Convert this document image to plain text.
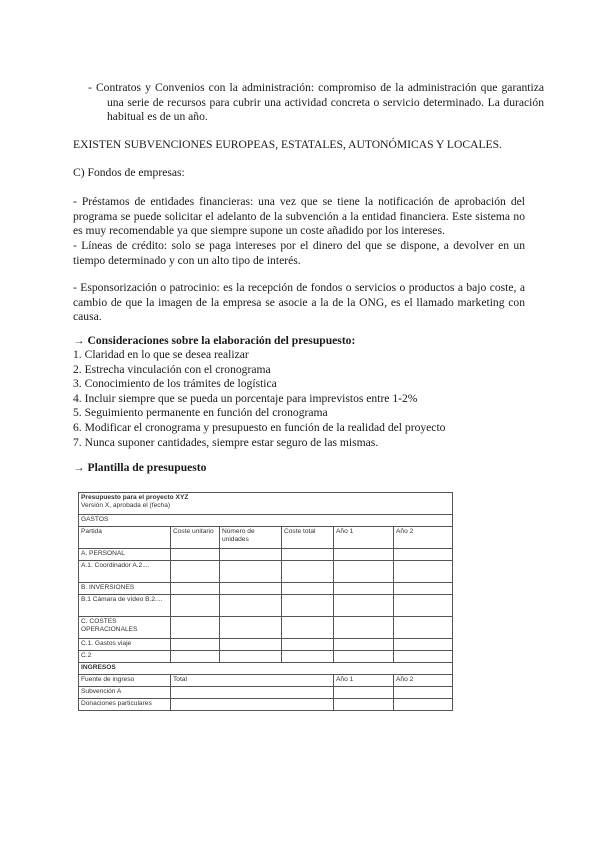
- Contratos y Convenios con la administración: compromiso de la administración que garantiza una serie de recursos para cubrir una actividad concreta o servicio determinado. La duración habitual es de un año.
EXISTEN SUBVENCIONES EUROPEAS, ESTATALES, AUTONÓMICAS Y LOCALES.
C) Fondos de empresas:
- Préstamos de entidades financieras: una vez que se tiene la notificación de aprobación del programa se puede solicitar el adelanto de la subvención a la entidad financiera. Este sistema no es muy recomendable ya que siempre supone un coste añadido por los intereses.
- Líneas de crédito: solo se paga intereses por el dinero del que se dispone, a devolver en un tiempo determinado y con un alto tipo de interés.
- Esponsorización o patrocinio: es la recepción de fondos o servicios o productos a bajo coste, a cambio de que la imagen de la empresa se asocie a la de la ONG, es el llamado marketing con causa.
→ Consideraciones sobre la elaboración del presupuesto:
1. Claridad en lo que se desea realizar
2. Estrecha vinculación con el cronograma
3. Conocimiento de los trámites de logística
4. Incluir siempre que se pueda un porcentaje para imprevistos entre 1-2%
5. Seguimiento permanente en función del cronograma
6. Modificar el cronograma y presupuesto en función de la realidad del proyecto
7. Nunca suponer cantidades, siempre estar seguro de las mismas.
→ Plantilla de presupuesto
Presupuesto para el proyecto XYZ
Versión X, aprobada el (fecha)					
GASTOS					
Partida	Coste unitario	Número de unidades	Coste total	Año 1	Año 2
A. PERSONAL					
A.1. Coordinador A.2....					
B. INVERSIONES					
B.1 Cámara de vídeo B.2....					
C. COSTES OPERACIONALES					
C.1. Gastos viaje					
C.2					
INGRESOS					
Fuente de ingreso	Total			Año 1	Año 2
Subvención A					
Donaciones particulares					
